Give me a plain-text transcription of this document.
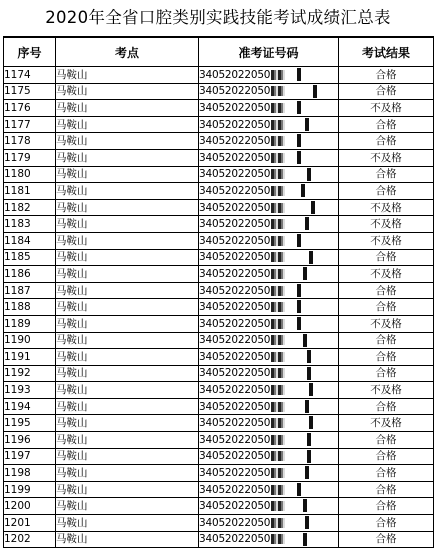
2020年全省口腔类别实践技能考试成绩汇总表
序号	考点	准考证号码	考试结果
1174	马鞍山	34052022050	合格
1175	马鞍山	34052022050	合格
1176	马鞍山	34052022050	不及格
1177	马鞍山	34052022050	合格
1178	马鞍山	34052022050	合格
1179	马鞍山	34052022050	不及格
1180	马鞍山	34052022050	合格
1181	马鞍山	34052022050	合格
1182	马鞍山	34052022050	不及格
1183	马鞍山	34052022050	不及格
1184	马鞍山	34052022050	不及格
1185	马鞍山	34052022050	合格
1186	马鞍山	34052022050	不及格
1187	马鞍山	34052022050	合格
1188	马鞍山	34052022050	合格
1189	马鞍山	34052022050	不及格
1190	马鞍山	34052022050	合格
1191	马鞍山	34052022050	合格
1192	马鞍山	34052022050	合格
1193	马鞍山	34052022050	不及格
1194	马鞍山	34052022050	合格
1195	马鞍山	34052022050	不及格
1196	马鞍山	34052022050	合格
1197	马鞍山	34052022050	合格
1198	马鞍山	34052022050	合格
1199	马鞍山	34052022050	合格
1200	马鞍山	34052022050	合格
1201	马鞍山	34052022050	合格
1202	马鞍山	34052022050	合格
